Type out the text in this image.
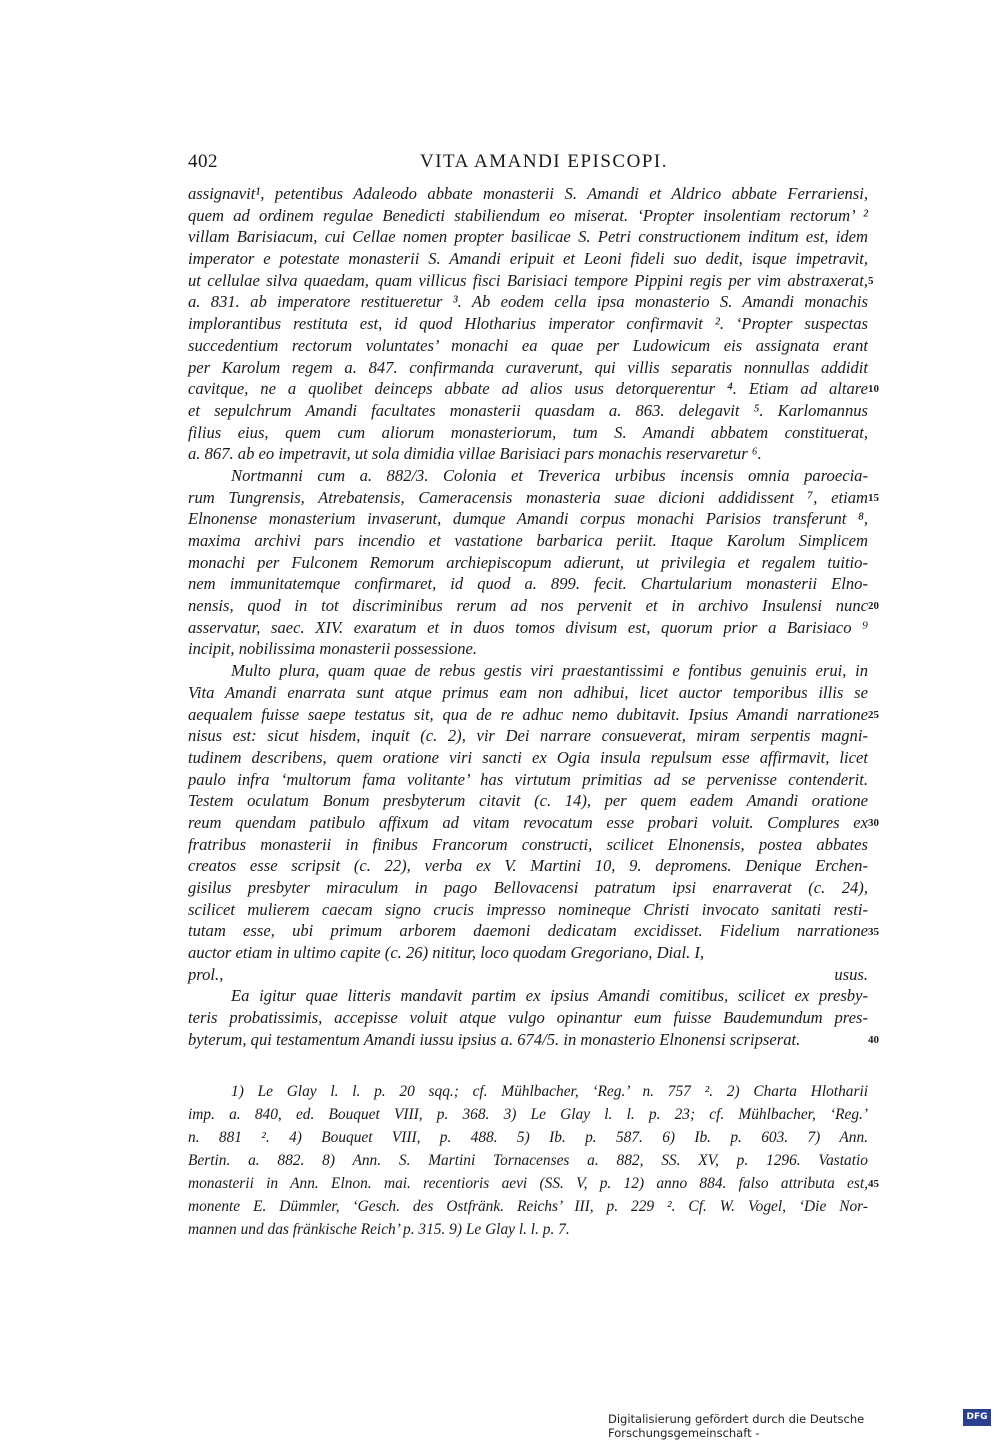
402	VITA AMANDI EPISCOPI.
assignavit¹, petentibus Adaleodo abbate monasterii S. Amandi et Aldrico abbate Ferrariensi,
quem ad ordinem regulae Benedicti stabiliendum eo miserat. ‘Propter insolentiam rectorum’ ²
villam Barisiacum, cui Cellae nomen propter basilicae S. Petri constructionem inditum est, idem
imperator e potestate monasterii S. Amandi eripuit et Leoni fideli suo dedit, isque impetravit,
ut cellulae silva quaedam, quam villicus fisci Barisiaci tempore Pippini regis per vim abstraxerat,
a. 831. ab imperatore restitueretur ³. Ab eodem cella ipsa monasterio S. Amandi monachis
implorantibus restituta est, id quod Hlotharius imperator confirmavit ². ‘Propter suspectas
succedentium rectorum voluntates’ monachi ea quae per Ludowicum eis assignata erant
per Karolum regem a. 847. confirmanda curaverunt, qui villis separatis nonnullas addidit
cavitque, ne a quolibet deinceps abbate ad alios usus detorquerentur ⁴. Etiam ad altare
et sepulchrum Amandi facultates monasterii quasdam a. 863. delegavit ⁵. Karlomannus
filius eius, quem cum aliorum monasteriorum, tum S. Amandi abbatem constituerat,
a. 867. ab eo impetravit, ut sola dimidia villae Barisiaci pars monachis reservaretur ⁶.
Nortmanni cum a. 882/3. Colonia et Treverica urbibus incensis omnia paroecia-
rum Tungrensis, Atrebatensis, Cameracensis monasteria suae dicioni addidissent ⁷, etiam
Elnonense monasterium invaserunt, dumque Amandi corpus monachi Parisios transferunt ⁸,
maxima archivi pars incendio et vastatione barbarica periit. Itaque Karolum Simplicem
monachi per Fulconem Remorum archiepiscopum adierunt, ut privilegia et regalem tuitio-
nem immunitatemque confirmaret, id quod a. 899. fecit. Chartularium monasterii Elno-
nensis, quod in tot discriminibus rerum ad nos pervenit et in archivo Insulensi nunc
asservatur, saec. XIV. exaratum et in duos tomos divisum est, quorum prior a Barisiaco ⁹
incipit, nobilissima monasterii possessione.
Multo plura, quam quae de rebus gestis viri praestantissimi e fontibus genuinis erui, in
Vita Amandi enarrata sunt atque primus eam non adhibui, licet auctor temporibus illis se
aequalem fuisse saepe testatus sit, qua de re adhuc nemo dubitavit. Ipsius Amandi narratione
nisus est: sicut hisdem, inquit (c. 2), vir Dei narrare consueverat, miram serpentis magni-
tudinem describens, quem oratione viri sancti ex Ogia insula repulsum esse affirmavit, licet
paulo infra ‘multorum fama volitante’ has virtutum primitias ad se pervenisse contenderit.
Testem oculatum Bonum presbyterum citavit (c. 14), per quem eadem Amandi oratione
reum quendam patibulo affixum ad vitam revocatum esse probari voluit. Complures ex
fratribus monasterii in finibus Francorum constructi, scilicet Elnonensis, postea abbates
creatos esse scripsit (c. 22), verba ex V. Martini 10, 9. depromens. Denique Erchen-
gisilus presbyter miraculum in pago Bellovacensi patratum ipsi enarraverat (c. 24),
scilicet mulierem caecam signo crucis impresso nomineque Christi invocato sanitati resti-
tutam esse, ubi primum arborem daemoni dedicatam excidisset. Fidelium narratione
auctor etiam in ultimo capite (c. 26) nititur, loco quodam Gregoriano, Dial. I,
prol., usus.
Ea igitur quae litteris mandavit partim ex ipsius Amandi comitibus, scilicet ex presby-
teris probatissimis, accepisse voluit atque vulgo opinantur eum fuisse Baudemundum pres-
byterum, qui testamentum Amandi iussu ipsius a. 674/5. in monasterio Elnonensi scripserat.
5
10
15
20
25
30
35
40
1) Le Glay l. l. p. 20 sqq.; cf. Mühlbacher, ‘Reg.’ n. 757 ². 2) Charta Hlotharii
imp. a. 840, ed. Bouquet VIII, p. 368. 3) Le Glay l. l. p. 23; cf. Mühlbacher, ‘Reg.’
n. 881 ². 4) Bouquet VIII, p. 488. 5) Ib. p. 587. 6) Ib. p. 603. 7) Ann.
Bertin. a. 882. 8) Ann. S. Martini Tornacenses a. 882, SS. XV, p. 1296. Vastatio
monasterii in Ann. Elnon. mai. recentioris aevi (SS. V, p. 12) anno 884. falso attributa est,
monente E. Dümmler, ‘Gesch. des Ostfränk. Reichs’ III, p. 229 ². Cf. W. Vogel, ‘Die Nor-
mannen und das fränkische Reich’ p. 315. 9) Le Glay l. l. p. 7.
45
Digitalisierung gefördert durch die Deutsche Forschungsgemeinschaft -
DFG
